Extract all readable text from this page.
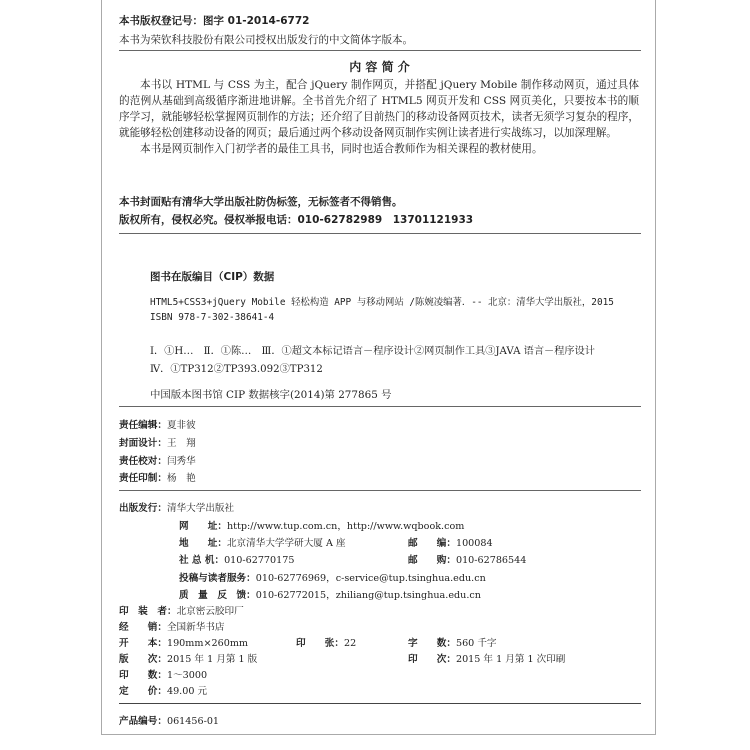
本书版权登记号：图字 01-2014-6772
本书为荣钦科技股份有限公司授权出版发行的中文简体字版本。
内 容 简 介
本书以 HTML 与 CSS 为主，配合 jQuery 制作网页，并搭配 jQuery Mobile 制作移动网页，通过具体的范例从基础到高级循序渐进地讲解。全书首先介绍了 HTML5 网页开发和 CSS 网页美化，只要按本书的顺序学习，就能够轻松掌握网页制作的方法；还介绍了目前热门的移动设备网页技术，读者无须学习复杂的程序，就能够轻松创建移动设备的网页；最后通过两个移动设备网页制作实例让读者进行实战练习，以加深理解。
本书是网页制作入门初学者的最佳工具书，同时也适合教师作为相关课程的教材使用。
本书封面贴有清华大学出版社防伪标签，无标签者不得销售。
版权所有，侵权必究。侵权举报电话：010-62782989　13701121933
图书在版编目（CIP）数据
HTML5+CSS3+jQuery Mobile 轻松构造 APP 与移动网站 /陈婉凌编著．-- 北京：清华大学出版社，2015
ISBN 978-7-302-38641-4
Ⅰ．①H…　Ⅱ．①陈…　Ⅲ．①超文本标记语言－程序设计②网页制作工具③JAVA 语言－程序设计
Ⅳ．①TP312②TP393.092③TP312
中国版本图书馆 CIP 数据核字(2014)第 277865 号
责任编辑：夏非彼
封面设计：王　翔
责任校对：闫秀华
责任印制：杨　艳
出版发行：清华大学出版社
网　　址：http://www.tup.com.cn，http://www.wqbook.com
地　　址：北京清华大学学研大厦 A 座	邮　　编：100084
社 总 机：010-62770175	邮　　购：010-62786544
投稿与读者服务：010-62776969，c-service@tup.tsinghua.edu.cn
质　量　反　馈：010-62772015，zhiliang@tup.tsinghua.edu.cn
印　装　者：北京密云胶印厂
经　　销：全国新华书店
开　　本：190mm×260mm	印　　张：22	字　　数：560 千字
版　　次：2015 年 1 月第 1 版	印　　次：2015 年 1 月第 1 次印刷
印　　数：1～3000
定　　价：49.00 元
产品编号：061456-01
